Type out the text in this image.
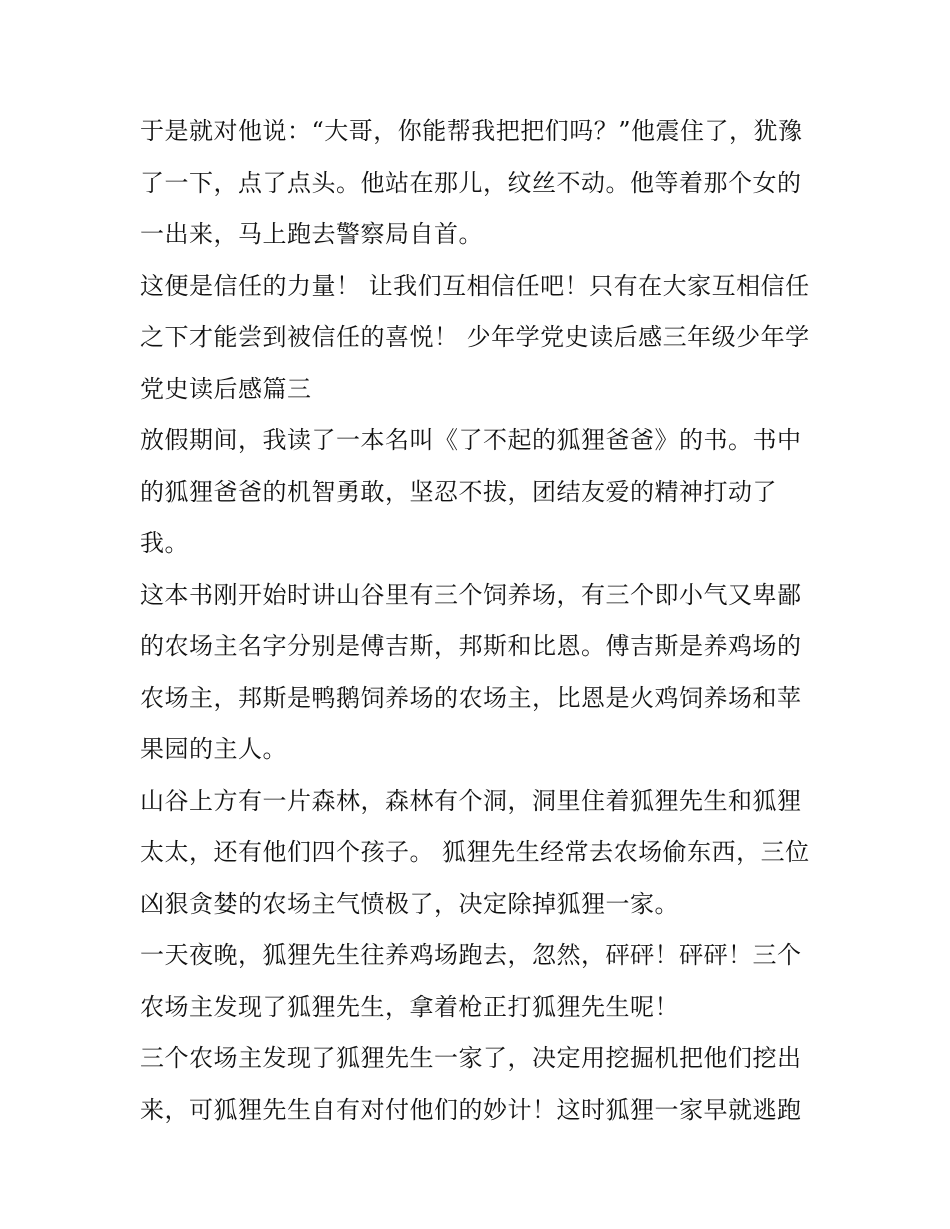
于是就对他说：“大哥，你能帮我把把们吗？”他震住了，犹豫了一下，点了点头。他站在那儿，纹丝不动。他等着那个女的一出来，马上跑去警察局自首。

这便是信任的力量！ 让我们互相信任吧！只有在大家互相信任之下才能尝到被信任的喜悦！ 少年学党史读后感三年级少年学党史读后感篇三

放假期间，我读了一本名叫《了不起的狐狸爸爸》的书。书中的狐狸爸爸的机智勇敢，坚忍不拔，团结友爱的精神打动了我。

这本书刚开始时讲山谷里有三个饲养场，有三个即小气又卑鄙的农场主名字分别是傅吉斯，邦斯和比恩。傅吉斯是养鸡场的农场主，邦斯是鸭鹅饲养场的农场主，比恩是火鸡饲养场和苹果园的主人。

山谷上方有一片森林，森林有个洞，洞里住着狐狸先生和狐狸太太，还有他们四个孩子。 狐狸先生经常去农场偷东西，三位凶狠贪婪的农场主气愤极了，决定除掉狐狸一家。

一天夜晚，狐狸先生往养鸡场跑去，忽然，砰砰！砰砰！三个农场主发现了狐狸先生，拿着枪正打狐狸先生呢！

三个农场主发现了狐狸先生一家了，决定用挖掘机把他们挖出来，可狐狸先生自有对付他们的妙计！这时狐狸一家早就逃跑
